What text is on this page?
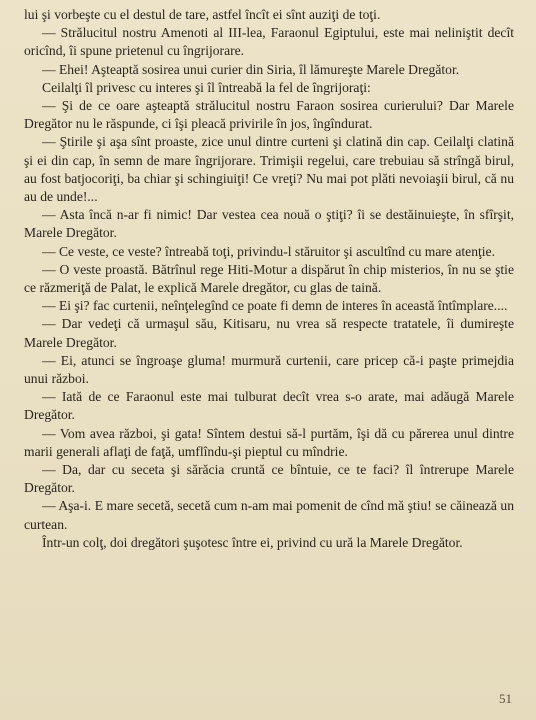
lui şi vorbeşte cu el destul de tare, astfel încît ei sînt auziţi de toţi.

— Strălucitul nostru Amenoti al III-lea, Faraonul Egiptului, este mai neliniştit decît oricînd, îi spune prietenul cu îngrijorare.

— Ehei! Aşteaptă sosirea unui curier din Siria, îl lămureşte Marele Dregător.

Ceilalţi îl privesc cu interes şi îl întreabă la fel de îngrijoraţi:

— Şi de ce oare aşteaptă strălucitul nostru Faraon sosirea curierului? Dar Marele Dregător nu le răspunde, ci îşi pleacă privirile în jos, îngîndurat.

— Ştirile şi aşa sînt proaste, zice unul dintre curteni şi clatină din cap. Ceilalţi clatină şi ei din cap, în semn de mare îngrijorare. Trimişii regelui, care trebuiau să strîngă birul, au fost batjocoriţi, ba chiar şi schingiuiţi! Ce vreţi? Nu mai pot plăti nevoiaşii birul, că nu au de unde!...

— Asta încă n-ar fi nimic! Dar vestea cea nouă o ştiţi? îi se destăinuieşte, în sfîrşit, Marele Dregător.

— Ce veste, ce veste? întreabă toţi, privindu-l stăruitor şi ascultînd cu mare atenţie.

— O veste proastă. Bătrînul rege Hiti-Motur a dispărut în chip misterios, în nu se ştie ce răzmeriţă de Palat, le explică Marele dregător, cu glas de taină.

— Ei şi? fac curtenii, neînţelegînd ce poate fi demn de interes în această întîmplare....

— Dar vedeţi că urmaşul său, Kitisaru, nu vrea să respecte tratatele, îi dumireşte Marele Dregător.

— Ei, atunci se îngroaşe gluma! murmură curtenii, care pricep că-i paşte primejdia unui război.

— Iată de ce Faraonul este mai tulburat decît vrea s-o arate, mai adăugă Marele Dregător.

— Vom avea război, şi gata! Sîntem destui să-l purtăm, îşi dă cu părerea unul dintre marii generali aflaţi de faţă, umflîndu-şi pieptul cu mîndrie.

— Da, dar cu seceta şi sărăcia cruntă ce bîntuie, ce te faci? îl întrerupe Marele Dregător.

— Aşa-i. E mare secetă, secetă cum n-am mai pomenit de cînd mă ştiu! se căinează un curtean.

Într-un colţ, doi dregători şuşotesc între ei, privind cu ură la Marele Dregător.

51
